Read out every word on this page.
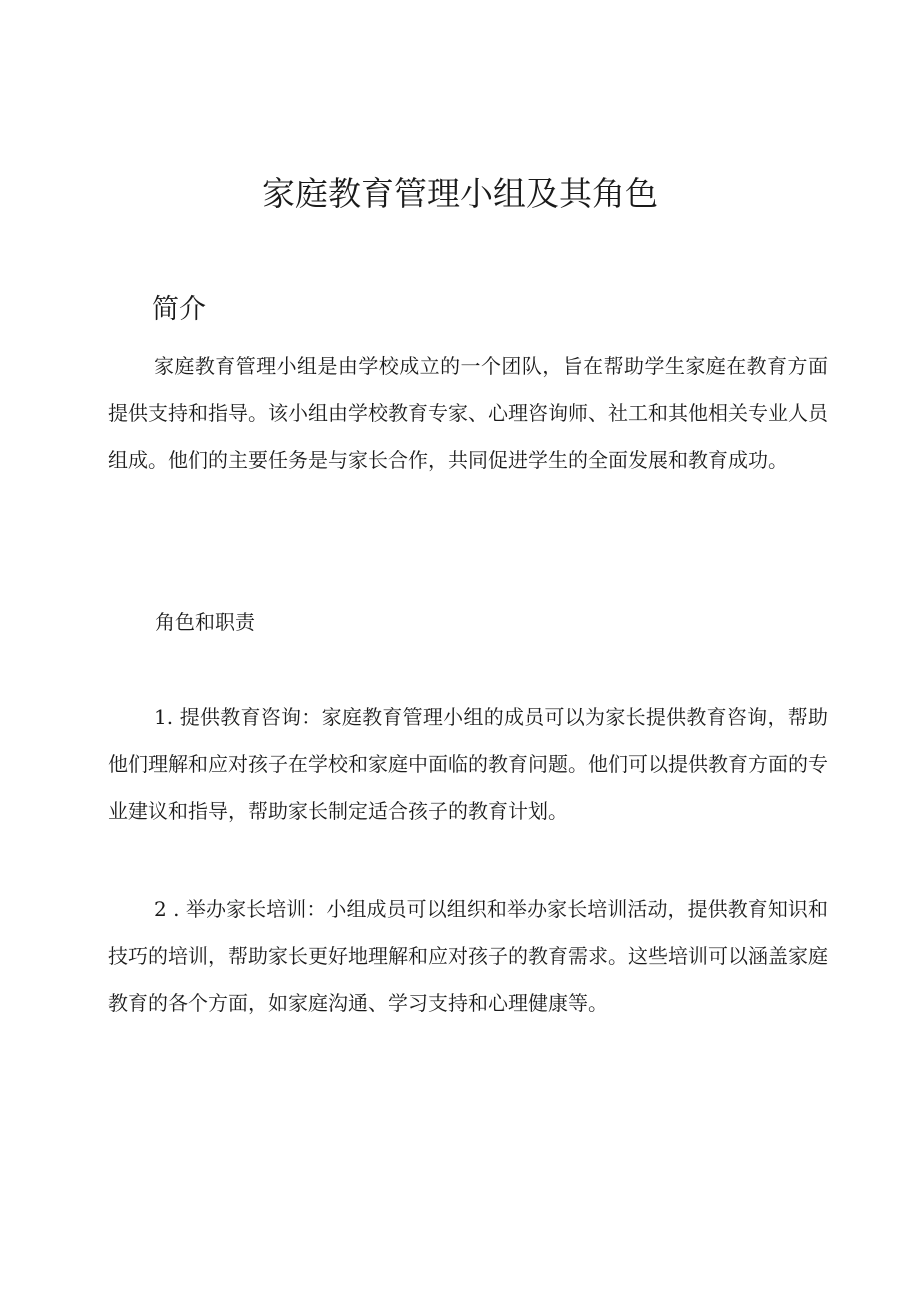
家庭教育管理小组及其角色
简介

家庭教育管理小组是由学校成立的一个团队，旨在帮助学生家庭在教育方面提供支持和指导。该小组由学校教育专家、心理咨询师、社工和其他相关专业人员组成。他们的主要任务是与家长合作，共同促进学生的全面发展和教育成功。

角色和职责

1. 提供教育咨询：家庭教育管理小组的成员可以为家长提供教育咨询，帮助他们理解和应对孩子在学校和家庭中面临的教育问题。他们可以提供教育方面的专业建议和指导，帮助家长制定适合孩子的教育计划。

2 . 举办家长培训：小组成员可以组织和举办家长培训活动，提供教育知识和技巧的培训，帮助家长更好地理解和应对孩子的教育需求。这些培训可以涵盖家庭教育的各个方面，如家庭沟通、学习支持和心理健康等。
